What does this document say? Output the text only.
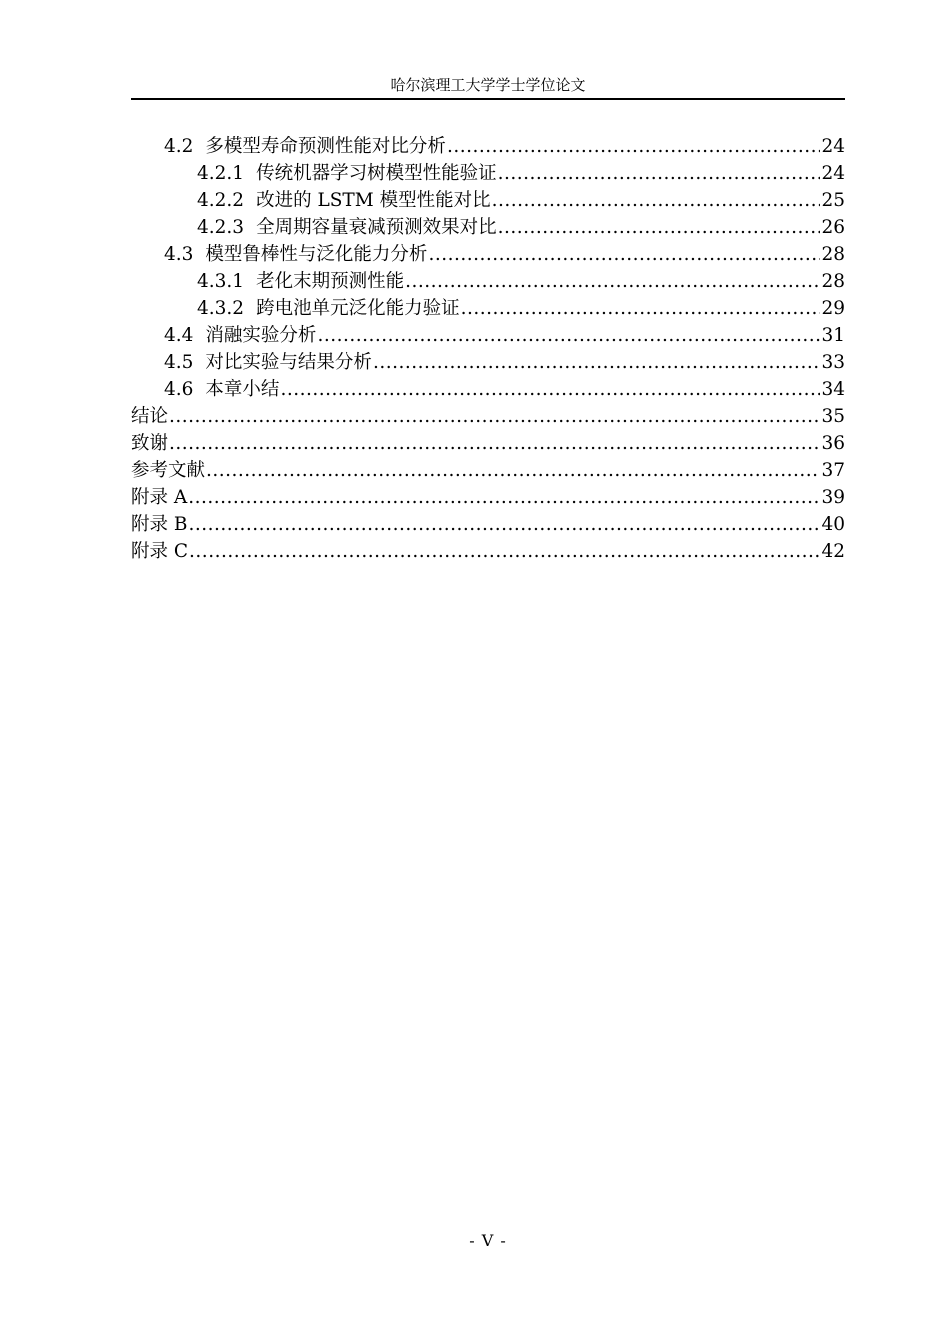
哈尔滨理工大学学士学位论文
4.2 多模型寿命预测性能对比分析 .....	24
4.2.1 传统机器学习树模型性能验证 .....	24
4.2.2 改进的 LSTM 模型性能对比 .....	25
4.2.3 全周期容量衰减预测效果对比 .....	26
4.3 模型鲁棒性与泛化能力分析 .....	28
4.3.1 老化末期预测性能 .....	28
4.3.2 跨电池单元泛化能力验证 .....	29
4.4 消融实验分析 .....	31
4.5 对比实验与结果分析 .....	33
4.6 本章小结 .....	34
结论 .....	35
致谢 .....	36
参考文献 .....	37
附录 A .....	39
附录 B .....	40
附录 C .....	42
- V -
